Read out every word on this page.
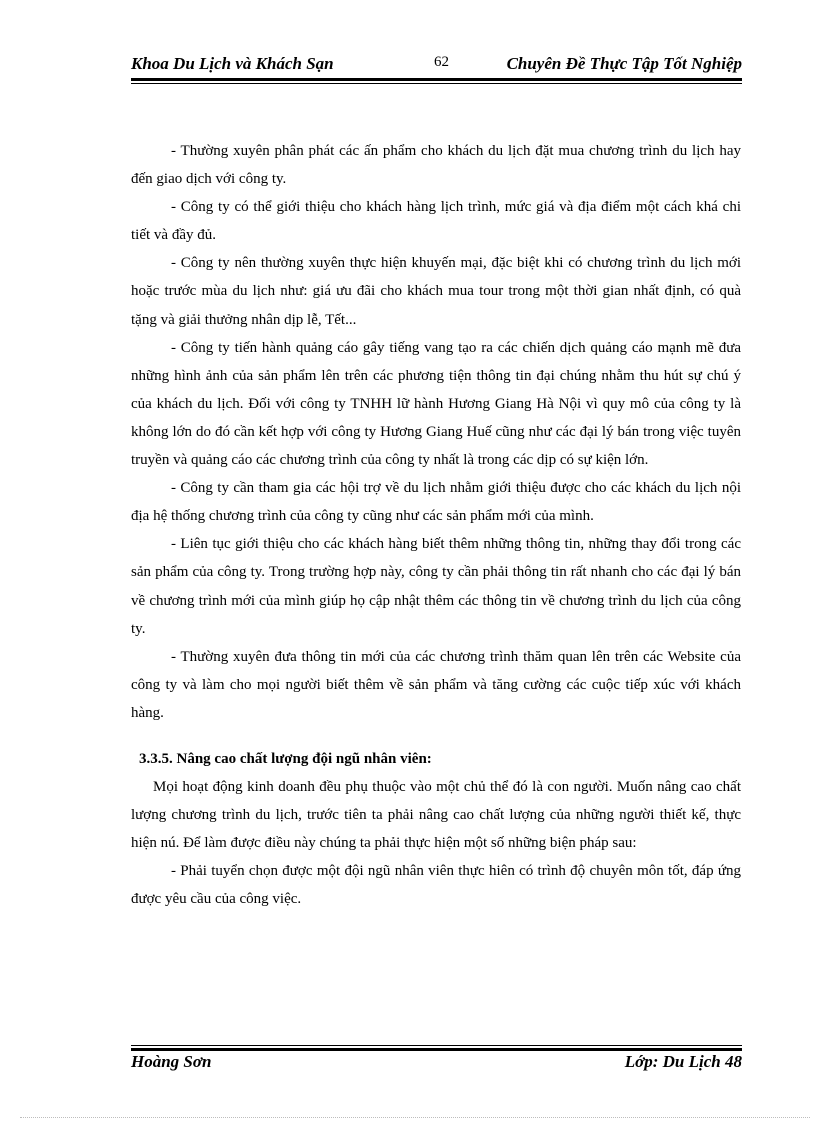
Khoa Du Lịch và Khách Sạn	62	Chuyên Đề Thực Tập Tốt Nghiệp

- Thường xuyên phân phát các ấn phẩm cho khách du lịch đặt mua chương trình du lịch hay đến giao dịch với công ty.

- Công ty có thể giới thiệu cho khách hàng lịch trình, mức giá và địa điểm một cách khá chi tiết và đầy đủ.

- Công ty nên thường xuyên thực hiện khuyến mại, đặc biệt khi có chương trình du lịch mới hoặc trước mùa du lịch như: giá ưu đãi cho khách mua tour trong một thời gian nhất định, có quà tặng và giải thưởng nhân dịp lễ, Tết...

- Công ty tiến hành quảng cáo gây tiếng vang tạo ra các chiến dịch quảng cáo mạnh mẽ đưa những hình ảnh của sản phẩm lên trên các phương tiện thông tin đại chúng nhằm thu hút sự chú ý của khách du lịch. Đối với công ty TNHH lữ hành Hương Giang Hà Nội vì quy mô của công ty là không lớn do đó cần kết hợp với công ty Hương Giang Huế cũng như các đại lý bán trong việc tuyên truyền và quảng cáo các chương trình của công ty nhất là trong các dịp có sự kiện lớn.

- Công ty cần tham gia các hội trợ về du lịch nhằm giới thiệu được cho các khách du lịch nội địa hệ thống chương trình của công ty cũng như các sản phẩm mới của mình.

- Liên tục giới thiệu cho các khách hàng biết thêm những thông tin, những thay đổi trong các sản phẩm của công ty. Trong trường hợp này, công ty cần phải thông tin rất nhanh cho các đại lý bán về chương trình mới của mình giúp họ cập nhật thêm các thông tin về chương trình du lịch của công ty.

- Thường xuyên đưa thông tin mới của các chương trình thăm quan lên trên các Website của công ty và làm cho mọi người biết thêm về sản phẩm và tăng cường các cuộc tiếp xúc với khách hàng.

3.3.5. Nâng cao chất lượng đội ngũ nhân viên:

Mọi hoạt động kinh doanh đều phụ thuộc vào một chủ thể đó là con người. Muốn nâng cao chất lượng chương trình du lịch, trước tiên ta phải nâng cao chất lượng của những người thiết kế, thực hiện nú. Để làm được điều này chúng ta phải thực hiện một số những biện pháp sau:

- Phải tuyển chọn được một đội ngũ nhân viên thực hiên có trình độ chuyên môn tốt, đáp ứng được yêu cầu của công việc.

Hoàng Sơn	Lớp: Du Lịch 48
